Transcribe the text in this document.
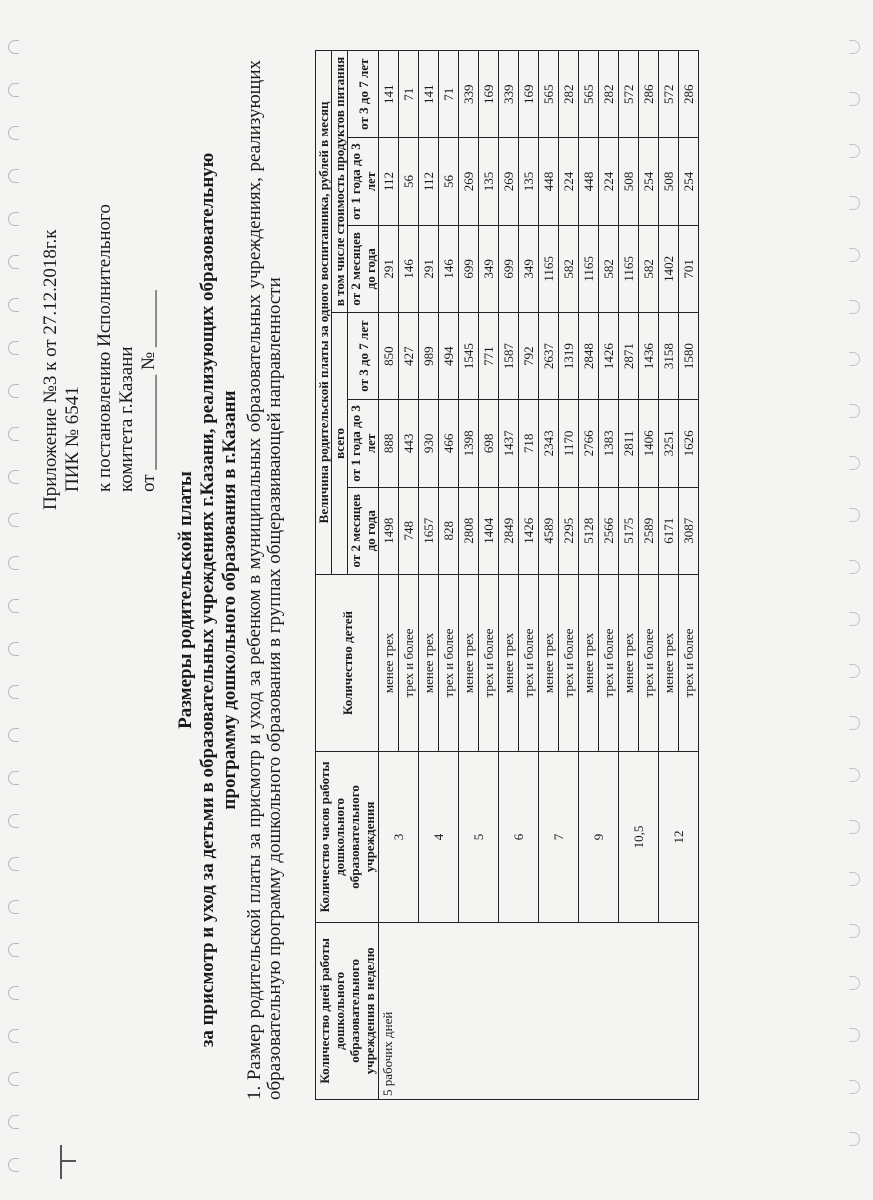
Приложение №3 к от 27.12.2018г.к ПИК № 6541 к постановлению Исполнительного комитета г.Казани от __________ № ______
Размеры родительской платы за присмотр и уход за детьми в образовательных учреждениях г.Казани, реализующих образовательную программу дошкольного образования в г.Казани 1. Размер родительской платы за присмотр и уход за ребенком в муниципальных образовательных учреждениях, реализующих образовательную программу дошкольного образования в группах общеразвивающей направленности Количество дней работы дошкольного образовательного учреждения в неделю	Количество часов работы дошкольного образовательного учреждения	Количество детей	Величина родительской платы за одного воспитанника, рублей в месяц					
			всего			в том числе стоимость продуктов питания		
			от 2 месяцев до года	от 1 года до 3 лет	от 3 до 7 лет	от 2 месяцев до года	от 1 года до 3 лет	от 3 до 7 лет
5 рабочих дней	3	менее трех	1498	888	850	291	112	141
		трех и более	748	443	427	146	56	71
	4	менее трех	1657	930	989	291	112	141
		трех и более	828	466	494	146	56	71
	5	менее трех	2808	1398	1545	699	269	339
		трех и более	1404	698	771	349	135	169
	6	менее трех	2849	1437	1587	699	269	339
		трех и более	1426	718	792	349	135	169
	7	менее трех	4589	2343	2637	1165	448	565
		трех и более	2295	1170	1319	582	224	282
	9	менее трех	5128	2766	2848	1165	448	565
		трех и более	2566	1383	1426	582	224	282
	10,5	менее трех	5175	2811	2871	1165	508	572
		трех и более	2589	1406	1436	582	254	286
	12	менее трех	6171	3251	3158	1402	508	572
		трех и более	3087	1626	1580	701	254	286
